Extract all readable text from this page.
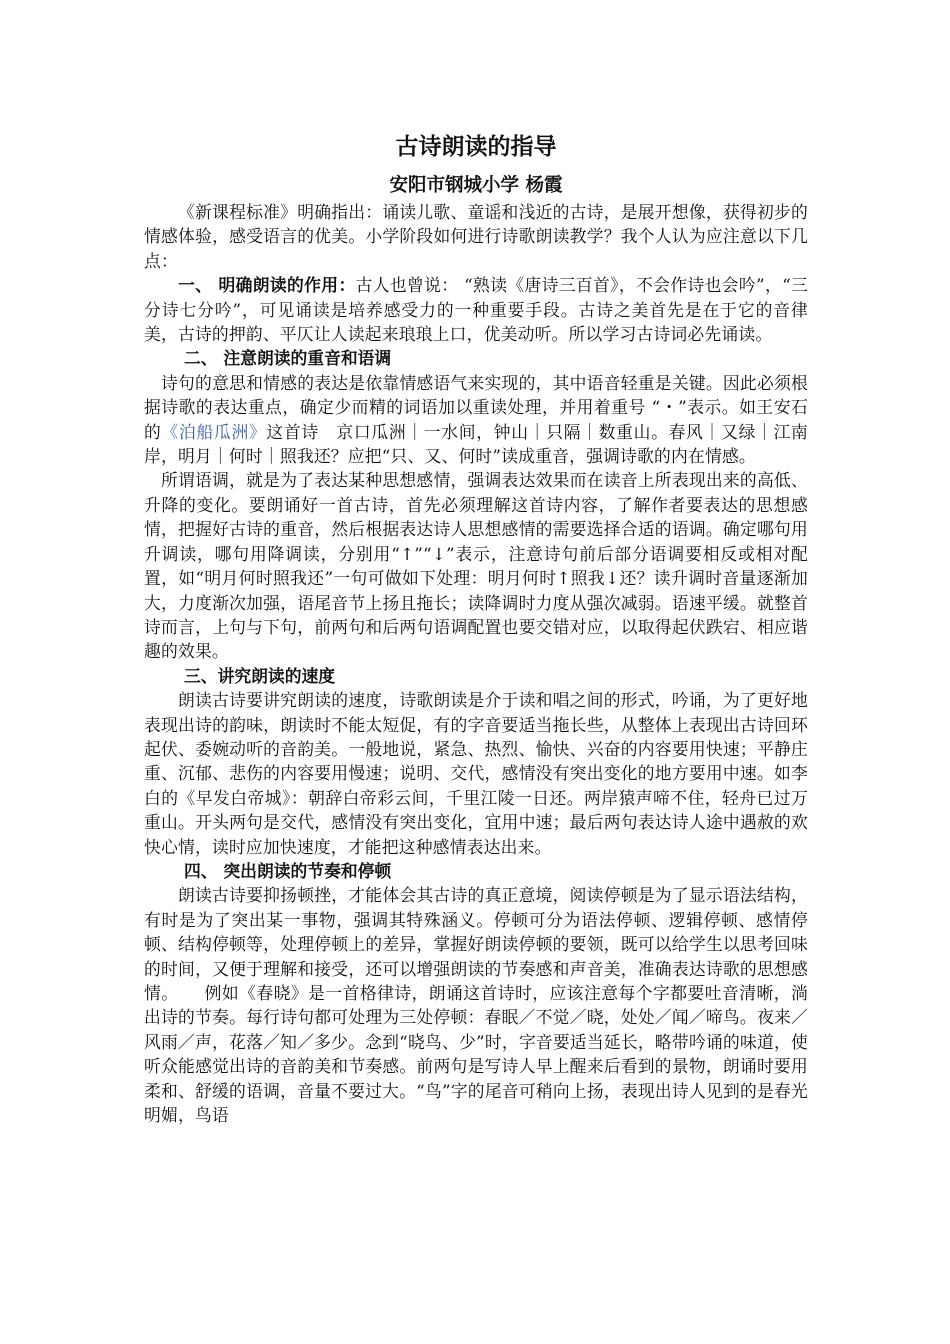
古诗朗读的指导
安阳市钢城小学 杨霞

《新课程标准》明确指出：诵读儿歌、童谣和浅近的古诗，是展开想像，获得初步的情感体验，感受语言的优美。小学阶段如何进行诗歌朗读教学？我个人认为应注意以下几点：

一、 明确朗读的作用：古人也曾说： “熟读《唐诗三百首》，不会作诗也会吟”，“三分诗七分吟”，可见诵读是培养感受力的一种重要手段。古诗之美首先是在于它的音律美，古诗的押韵、平仄让人读起来琅琅上口，优美动听。所以学习古诗词必先诵读。

二、 注意朗读的重音和语调

诗句的意思和情感的表达是依靠情感语气来实现的，其中语音轻重是关键。因此必须根据诗歌的表达重点，确定少而精的词语加以重读处理，并用着重号 “・”表示。如王安石的《泊船瓜洲》这首诗　京口瓜洲｜一水间，钟山｜只隔｜数重山。春风｜又绿｜江南岸，明月｜何时｜照我还？应把“只、又、何时”读成重音，强调诗歌的内在情感。

所谓语调，就是为了表达某种思想感情，强调表达效果而在读音上所表现出来的高低、升降的变化。要朗诵好一首古诗，首先必须理解这首诗内容，了解作者要表达的思想感情，把握好古诗的重音，然后根据表达诗人思想感情的需要选择合适的语调。确定哪句用升调读，哪句用降调读，分别用“↑”“↓”表示，注意诗句前后部分语调要相反或相对配置，如“明月何时照我还”一句可做如下处理：明月何时↑照我↓还？读升调时音量逐渐加大，力度渐次加强，语尾音节上扬且拖长；读降调时力度从强次减弱。语速平缓。就整首诗而言，上句与下句，前两句和后两句语调配置也要交错对应，以取得起伏跌宕、相应谐趣的效果。

三、讲究朗读的速度

朗读古诗要讲究朗读的速度，诗歌朗读是介于读和唱之间的形式，吟诵，为了更好地表现出诗的韵味，朗读时不能太短促，有的字音要适当拖长些，从整体上表现出古诗回环起伏、委婉动听的音韵美。一般地说，紧急、热烈、愉快、兴奋的内容要用快速；平静庄重、沉郁、悲伤的内容要用慢速；说明、交代，感情没有突出变化的地方要用中速。如李白的《早发白帝城》：朝辞白帝彩云间，千里江陵一日还。两岸猿声啼不住，轻舟已过万重山。开头两句是交代，感情没有突出变化，宜用中速；最后两句表达诗人途中遇赦的欢快心情，读时应加快速度，才能把这种感情表达出来。

四、 突出朗读的节奏和停顿

朗读古诗要抑扬顿挫，才能体会其古诗的真正意境，阅读停顿是为了显示语法结构，有时是为了突出某一事物，强调其特殊涵义。停顿可分为语法停顿、逻辑停顿、感情停顿、结构停顿等，处理停顿上的差异，掌握好朗读停顿的要领，既可以给学生以思考回味的时间，又便于理解和接受，还可以增强朗读的节奏感和声音美，准确表达诗歌的思想感情。　　例如《春晓》是一首格律诗，朗诵这首诗时，应该注意每个字都要吐音清晰，淌出诗的节奏。每行诗句都可处理为三处停顿：春眠／不觉／晓，处处／闻／啼鸟。夜来／风雨／声，花落／知／多少。念到“晓鸟、少”时，字音要适当延长，略带吟诵的味道，使听众能感觉出诗的音韵美和节奏感。前两句是写诗人早上醒来后看到的景物，朗诵时要用柔和、舒缓的语调，音量不要过大。“鸟”字的尾音可稍向上扬，表现出诗人见到的是春光明媚，鸟语
